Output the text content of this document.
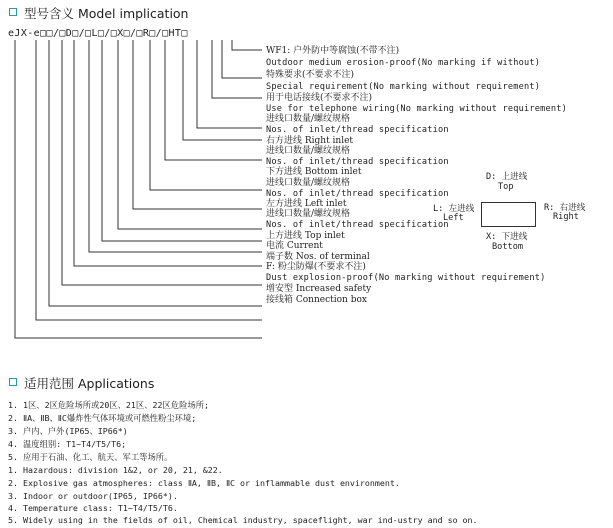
型号含义 Model implication
eJX-e□□/□D□/□L□/□X□/□R□/□HT□
WF1: 户外防中等腐蚀(不带不注)
Outdoor medium erosion-proof(No marking if without)
特殊要求(不要求不注)
Special requirement(No marking without requirement)
用于电话接线(不要求不注)
Use for telephone wiring(No marking without requirement)
进线口数量/螺纹规格
Nos. of inlet/thread specification
右方进线 Right inlet
进线口数量/螺纹规格
Nos. of inlet/thread specification
下方进线 Bottom inlet
进线口数量/螺纹规格
Nos. of inlet/thread specification
左方进线 Left inlet
进线口数量/螺纹规格
Nos. of inlet/thread specification
上方进线 Top inlet
电流 Current
端子数 Nos. of terminal
F: 粉尘防爆(不要求不注)
Dust explosion-proof(No marking without requirement)
增安型 Increased safety
接线箱 Connection box
D: 上进线
Top
L: 左进线
Left
R: 右进线
Right
X: 下进线
Bottom
适用范围 Applications
1. 1区、2区危险场所或20区、21区、22区危险场所;
2. ⅡA、ⅡB、ⅡC爆炸性气体环境或可燃性粉尘环境;
3. 户内、户外(IP65、IP66*)
4. 温度组别: T1~T4/T5/T6;
5. 应用于石油、化工、航天、军工等场所。
1. Hazardous: division 1&2, or 20, 21, &22.
2. Explosive gas atmospheres: class ⅡA, ⅡB, ⅡC or inflammable dust environment.
3. Indoor or outdoor(IP65, IP66*).
4. Temperature class: T1~T4/T5/T6.
5. Widely using in the fields of oil, Chemical industry, spaceflight, war ind-ustry and so on.
